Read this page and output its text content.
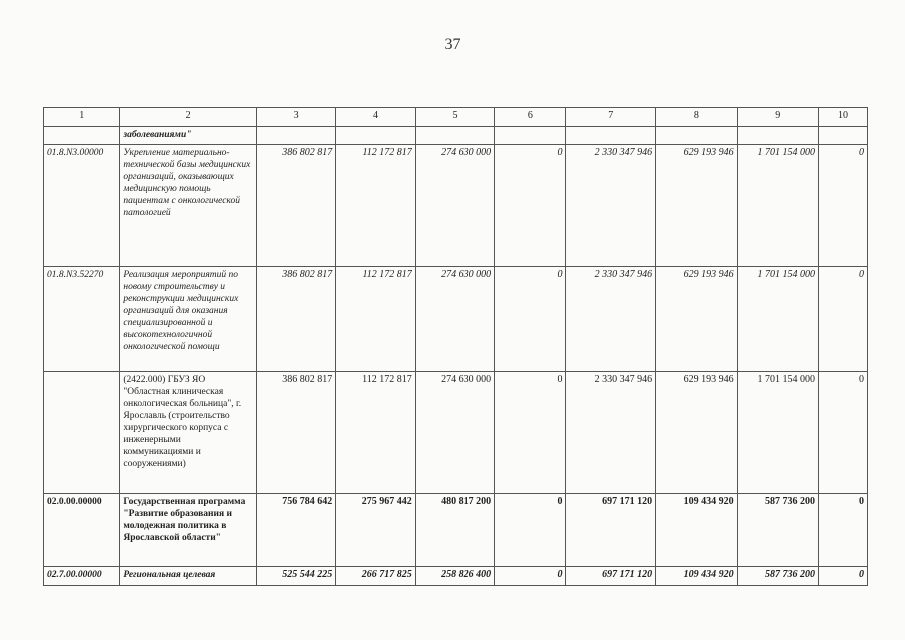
37
1	2	3	4	5	6	7	8	9	10
	заболеваниями"								
01.8.N3.00000	Укрепление материально-технической базы медицинских организаций, оказывающих медицинскую помощь пациентам с онкологической патологией	386 802 817	112 172 817	274 630 000	0	2 330 347 946	629 193 946	1 701 154 000	0
01.8.N3.52270	Реализация мероприятий по новому строительству и реконструкции медицинских организаций для оказания специализированной и высокотехнологичной онкологической помощи	386 802 817	112 172 817	274 630 000	0	2 330 347 946	629 193 946	1 701 154 000	0
	(2422.000) ГБУЗ ЯО "Областная клиническая онкологическая больница", г. Ярославль (строительство хирургического корпуса с инженерными коммуникациями и сооружениями)	386 802 817	112 172 817	274 630 000	0	2 330 347 946	629 193 946	1 701 154 000	0
02.0.00.00000	Государственная программа "Развитие образования и молодежная политика в Ярославской области"	756 784 642	275 967 442	480 817 200	0	697 171 120	109 434 920	587 736 200	0
02.7.00.00000	Региональная целевая	525 544 225	266 717 825	258 826 400	0	697 171 120	109 434 920	587 736 200	0
